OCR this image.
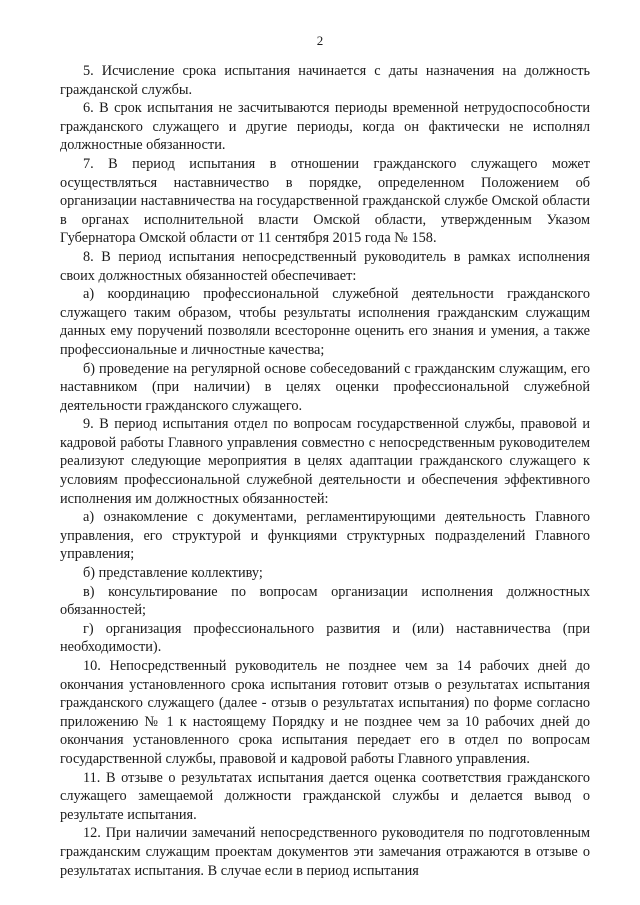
2

5. Исчисление срока испытания начинается с даты назначения на должность гражданской службы.

6. В срок испытания не засчитываются периоды временной нетрудоспособности гражданского служащего и другие периоды, когда он фактически не исполнял должностные обязанности.

7. В период испытания в отношении гражданского служащего может осуществляться наставничество в порядке, определенном Положением об организации наставничества на государственной гражданской службе Омской области в органах исполнительной власти Омской области, утвержденным Указом Губернатора Омской области от 11 сентября 2015 года № 158.

8. В период испытания непосредственный руководитель в рамках исполнения своих должностных обязанностей обеспечивает:

а) координацию профессиональной служебной деятельности гражданского служащего таким образом, чтобы результаты исполнения гражданским служащим данных ему поручений позволяли всесторонне оценить его знания и умения, а также профессиональные и личностные качества;

б) проведение на регулярной основе собеседований с гражданским служащим, его наставником (при наличии) в целях оценки профессиональной служебной деятельности гражданского служащего.

9. В период испытания отдел по вопросам государственной службы, правовой и кадровой работы Главного управления совместно с непосредственным руководителем реализуют следующие мероприятия в целях адаптации гражданского служащего к условиям профессиональной служебной деятельности и обеспечения эффективного исполнения им должностных обязанностей:

а) ознакомление с документами, регламентирующими деятельность Главного управления, его структурой и функциями структурных подразделений Главного управления;

б) представление коллективу;

в) консультирование по вопросам организации исполнения должностных обязанностей;

г) организация профессионального развития и (или) наставничества (при необходимости).

10. Непосредственный руководитель не позднее чем за 14 рабочих дней до окончания установленного срока испытания готовит отзыв о результатах испытания гражданского служащего (далее - отзыв о результатах испытания) по форме согласно приложению № 1 к настоящему Порядку и не позднее чем за 10 рабочих дней до окончания установленного срока испытания передает его в отдел по вопросам государственной службы, правовой и кадровой работы Главного управления.

11. В отзыве о результатах испытания дается оценка соответствия гражданского служащего замещаемой должности гражданской службы и делается вывод о результате испытания.

12. При наличии замечаний непосредственного руководителя по подготовленным гражданским служащим проектам документов эти замечания отражаются в отзыве о результатах испытания. В случае если в период испытания
